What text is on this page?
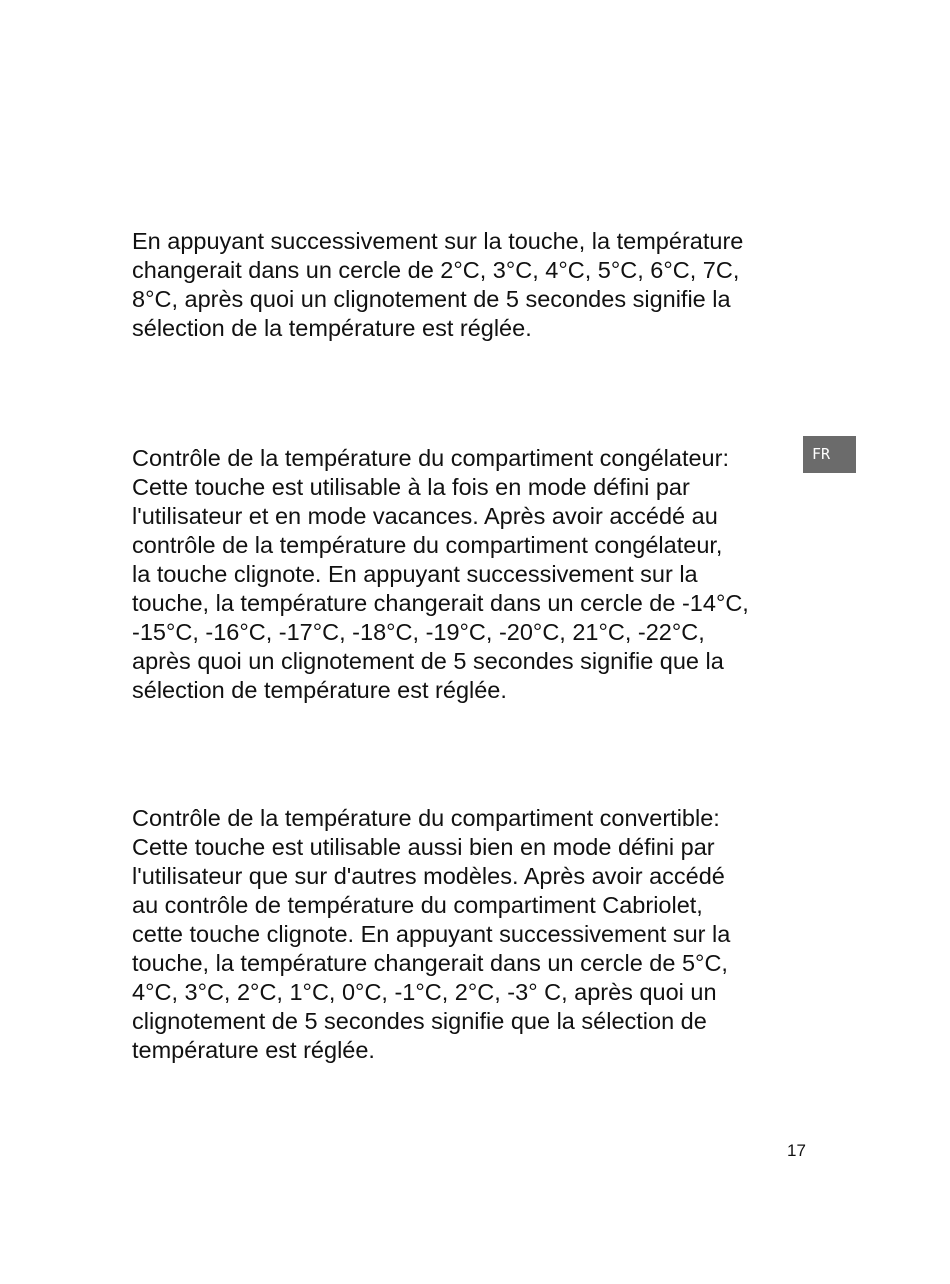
En appuyant successivement sur la touche, la température
changerait dans un cercle de 2°C, 3°C, 4°C, 5°C, 6°C, 7C,
8°C, après quoi un clignotement de 5 secondes signifie la
sélection de la température est réglée.
Contrôle de la température du compartiment congélateur:
Cette touche est utilisable à la fois en mode défini par
l'utilisateur et en mode vacances. Après avoir accédé au
contrôle de la température du compartiment congélateur,
la touche clignote. En appuyant successivement sur la
touche, la température changerait dans un cercle de -14°C,
-15°C, -16°C, -17°C, -18°C, -19°C, -20°C, 21°C, -22°C,
après quoi un clignotement de 5 secondes signifie que la
sélection de température est réglée.
Contrôle de la température du compartiment convertible:
Cette touche est utilisable aussi bien en mode défini par
l'utilisateur que sur d'autres modèles. Après avoir accédé
au contrôle de température du compartiment Cabriolet,
cette touche clignote. En appuyant successivement sur la
touche, la température changerait dans un cercle de 5°C,
4°C, 3°C, 2°C, 1°C, 0°C, -1°C, 2°C, -3° C, après quoi un
clignotement de 5 secondes signifie que la sélection de
température est réglée.
FR
17
